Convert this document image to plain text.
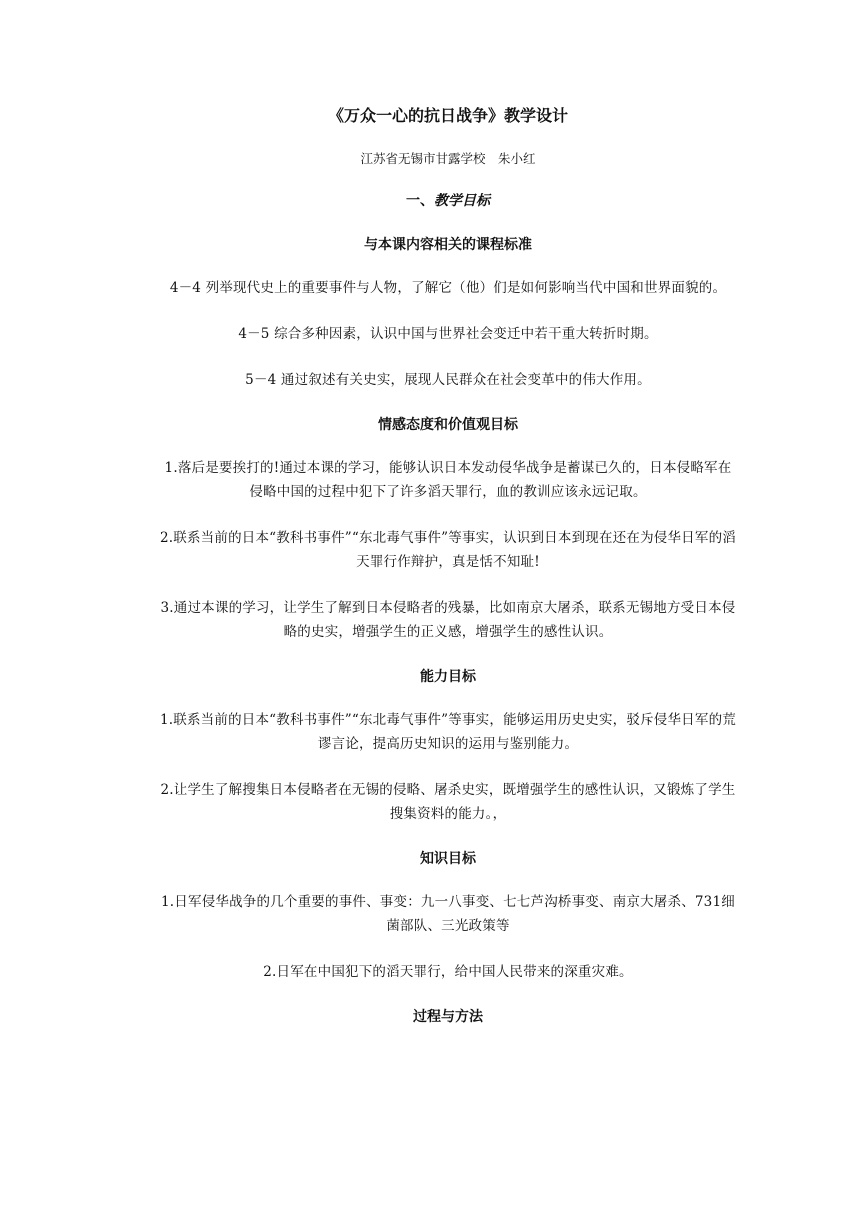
《万众一心的抗日战争》教学设计
江苏省无锡市甘露学校　朱小红
一、教学目标
与本课内容相关的课程标准
4－4 列举现代史上的重要事件与人物，了解它（他）们是如何影响当代中国和世界面貌的。
4－5 综合多种因素，认识中国与世界社会变迁中若干重大转折时期。
5－4 通过叙述有关史实，展现人民群众在社会变革中的伟大作用。
情感态度和价值观目标
1.落后是要挨打的!通过本课的学习，能够认识日本发动侵华战争是蓄谋已久的，日本侵略军在侵略中国的过程中犯下了许多滔天罪行，血的教训应该永远记取。
2.联系当前的日本“教科书事件”“东北毒气事件”等事实，认识到日本到现在还在为侵华日军的滔天罪行作辩护，真是恬不知耻!
3.通过本课的学习，让学生了解到日本侵略者的残暴，比如南京大屠杀，联系无锡地方受日本侵略的史实，增强学生的正义感，增强学生的感性认识。
能力目标
1.联系当前的日本“教科书事件”“东北毒气事件”等事实，能够运用历史史实，驳斥侵华日军的荒谬言论，提高历史知识的运用与鉴别能力。
2.让学生了解搜集日本侵略者在无锡的侵略、屠杀史实，既增强学生的感性认识，又锻炼了学生搜集资料的能力。，
知识目标
1.日军侵华战争的几个重要的事件、事变：九一八事变、七七芦沟桥事变、南京大屠杀、731细菌部队、三光政策等
2.日军在中国犯下的滔天罪行，给中国人民带来的深重灾难。
过程与方法
